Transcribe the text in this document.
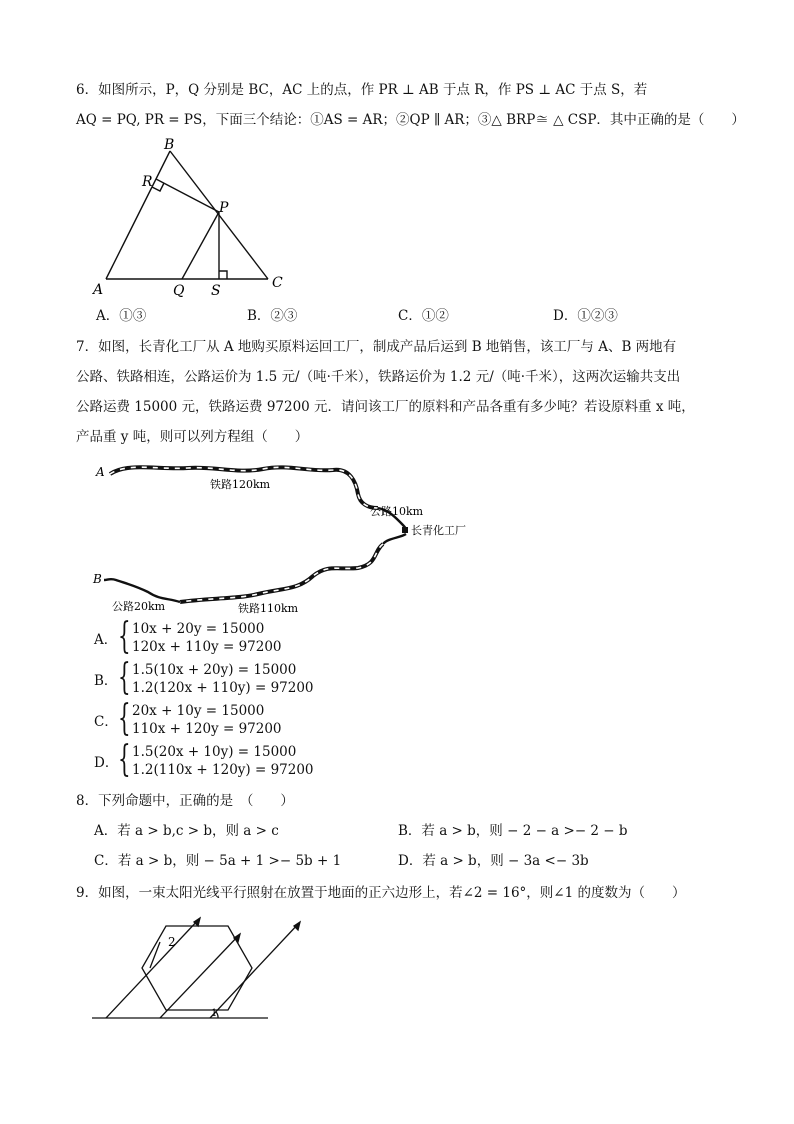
6．如图所示，P，Q 分别是 BC，AC 上的点，作 PR ⊥ AB 于点 R，作 PS ⊥ AC 于点 S，若
AQ = PQ, PR = PS，下面三个结论：①AS = AR；②QP ∥ AR；③△ BRP≅ △ CSP．其中正确的是（　　）
B
R
P
A	Q S	C
A．①③	B．②③	C．①②	D．①②③
7．如图，长青化工厂从 A 地购买原料运回工厂，制成产品后运到 B 地销售，该工厂与 A、B 两地有
公路、铁路相连，公路运价为 1.5 元/（吨·千米），铁路运价为 1.2 元/（吨·千米），这两次运输共支出
公路运费 15000 元，铁路运费 97200 元．请问该工厂的原料和产品各重有多少吨？若设原料重 x 吨，
产品重 y 吨，则可以列方程组（　　）
A
B
铁路120km
公路10km
长青化工厂
公路20km	铁路110km
A． { 10x + 20y = 15000
120x + 110y = 97200
B． { 1.5(10x + 20y) = 15000
1.2(120x + 110y) = 97200
C． { 20x + 10y = 15000
110x + 120y = 97200
D． { 1.5(20x + 10y) = 15000
1.2(110x + 120y) = 97200
8．下列命题中，正确的是　（　　）
A．若 a > b,c > b，则 a > c	B．若 a > b，则 − 2 − a >− 2 − b
C．若 a > b，则 − 5a + 1 >− 5b + 1	D．若 a > b，则 − 3a <− 3b
9．如图，一束太阳光线平行照射在放置于地面的正六边形上，若∠2 = 16°，则∠1 的度数为（　　）
2
1
